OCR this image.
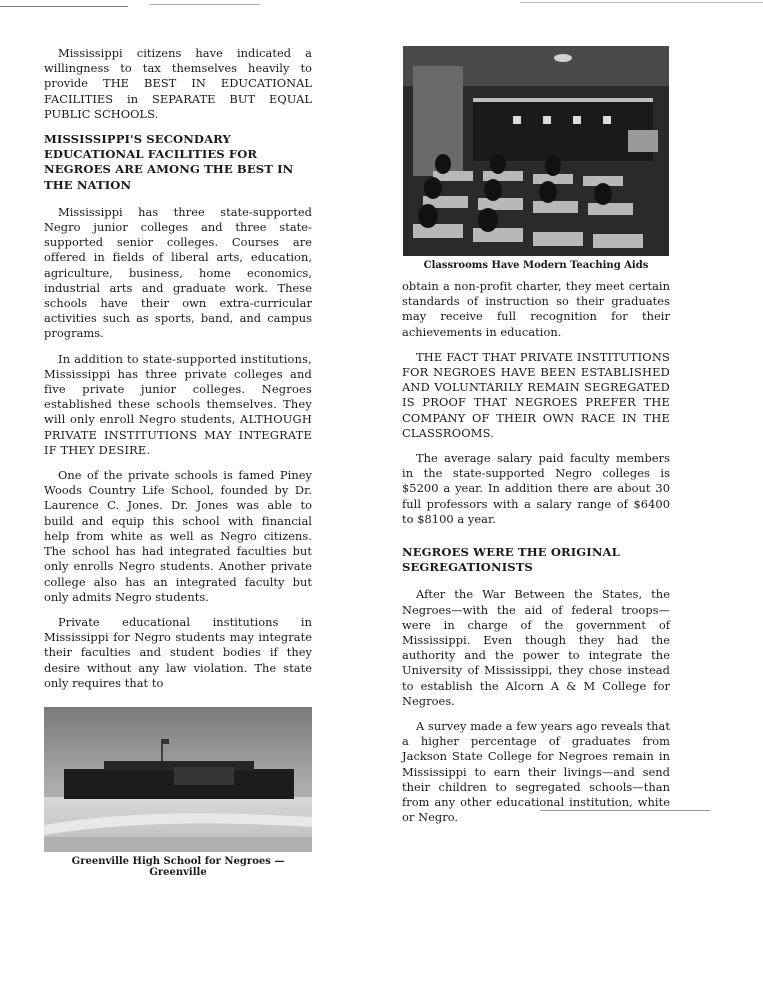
Mississippi citizens have indicated a willingness to tax themselves heavily to provide THE BEST IN EDUCATIONAL FACILITIES in SEPARATE BUT EQUAL PUBLIC SCHOOLS.

MISSISSIPPI'S SECONDARY EDUCATIONAL FACILITIES FOR NEGROES ARE AMONG THE BEST IN THE NATION

Mississippi has three state-supported Negro junior colleges and three state-supported senior colleges. Courses are offered in fields of liberal arts, education, agriculture, business, home economics, industrial arts and graduate work. These schools have their own extra-curricular activities such as sports, band, and campus programs.

In addition to state-supported institutions, Mississippi has three private colleges and five private junior colleges. Negroes established these schools themselves. They will only enroll Negro students, ALTHOUGH PRIVATE INSTITUTIONS MAY INTEGRATE IF THEY DESIRE.

One of the private schools is famed Piney Woods Country Life School, founded by Dr. Laurence C. Jones. Dr. Jones was able to build and equip this school with financial help from white as well as Negro citizens. The school has had integrated faculties but only enrolls Negro students. Another private college also has an integrated faculty but only admits Negro students.

Private educational institutions in Mississippi for Negro students may integrate their faculties and student bodies if they desire without any law violation. The state only requires that to

Greenville High School for Negroes — Greenville
Classrooms Have Modern Teaching Aids

obtain a non-profit charter, they meet certain standards of instruction so their graduates may receive full recognition for their achievements in education.

THE FACT THAT PRIVATE INSTITUTIONS FOR NEGROES HAVE BEEN ESTABLISHED AND VOLUNTARILY REMAIN SEGREGATED IS PROOF THAT NEGROES PREFER THE COMPANY OF THEIR OWN RACE IN THE CLASSROOMS.

The average salary paid faculty members in the state-supported Negro colleges is $5200 a year. In addition there are about 30 full professors with a salary range of $6400 to $8100 a year.

NEGROES WERE THE ORIGINAL SEGREGATIONISTS

After the War Between the States, the Negroes—with the aid of federal troops—were in charge of the government of Mississippi. Even though they had the authority and the power to integrate the University of Mississippi, they chose instead to establish the Alcorn A & M College for Negroes.

A survey made a few years ago reveals that a higher percentage of graduates from Jackson State College for Negroes remain in Mississippi to earn their livings—and send their children to segregated schools—than from any other educational institution, white or Negro.
